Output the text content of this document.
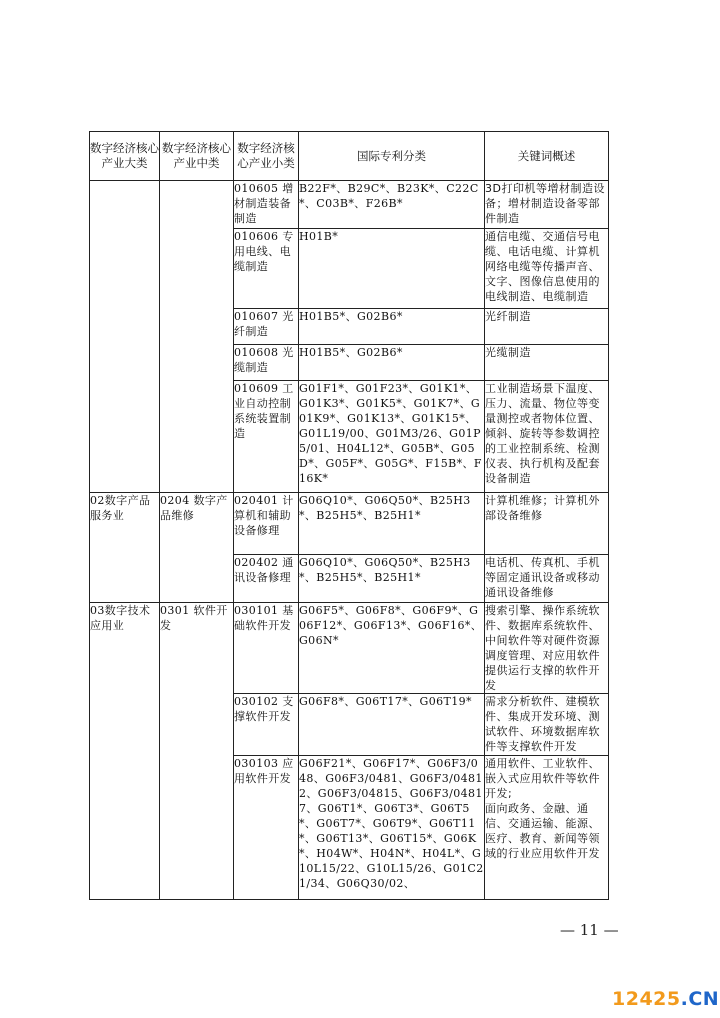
数字经济核心产业大类	数字经济核心产业中类	数字经济核心产业小类	国际专利分类	关键词概述
		010605 增材制造装备制造	B22F*、B29C*、B23K*、C22C*、C03B*、F26B*	3D打印机等增材制造设备；增材制造设备零部件制造
		010606 专用电线、电缆制造	H01B*	通信电缆、交通信号电缆、电话电缆、计算机网络电缆等传播声音、文字、图像信息使用的电线制造、电缆制造
		010607 光纤制造	H01B5*、G02B6*	光纤制造
		010608 光缆制造	H01B5*、G02B6*	光缆制造
		010609 工业自动控制系统装置制造	G01F1*、G01F23*、G01K1*、G01K3*、G01K5*、G01K7*、G01K9*、G01K13*、G01K15*、G01L19/00、G01M3/26、G01P5/01、H04L12*、G05B*、G05D*、G05F*、G05G*、F15B*、F16K*	工业制造场景下温度、压力、流量、物位等变量测控或者物体位置、倾斜、旋转等参数调控的工业控制系统、检测仪表、执行机构及配套设备制造
02数字产品服务业	0204 数字产品维修	020401 计算机和辅助设备修理	G06Q10*、G06Q50*、B25H3*、B25H5*、B25H1*	计算机维修；计算机外部设备维修
		020402 通讯设备修理	G06Q10*、G06Q50*、B25H3*、B25H5*、B25H1*	电话机、传真机、手机等固定通讯设备或移动通讯设备维修
03数字技术应用业	0301 软件开发	030101 基础软件开发	G06F5*、G06F8*、G06F9*、G06F12*、G06F13*、G06F16*、G06N*	搜索引擎、操作系统软件、数据库系统软件、中间软件等对硬件资源调度管理、对应用软件提供运行支撑的软件开发
		030102 支撑软件开发	G06F8*、G06T17*、G06T19*	需求分析软件、建模软件、集成开发环境、测试软件、环境数据库软件等支撑软件开发
		030103 应用软件开发	G06F21*、G06F17*、G06F3/048、G06F3/0481、G06F3/04812、G06F3/04815、G06F3/04817、G06T1*、G06T3*、G06T5*、G06T7*、G06T9*、G06T11*、G06T13*、G06T15*、G06K*、H04W*、H04N*、H04L*、G10L15/22、G10L15/26、G01C21/34、G06Q30/02、	通用软件、工业软件、嵌入式应用软件等软件开发;
面向政务、金融、通信、交通运输、能源、医疗、教育、新闻等领域的行业应用软件开发
— 11 —
12425.CN
